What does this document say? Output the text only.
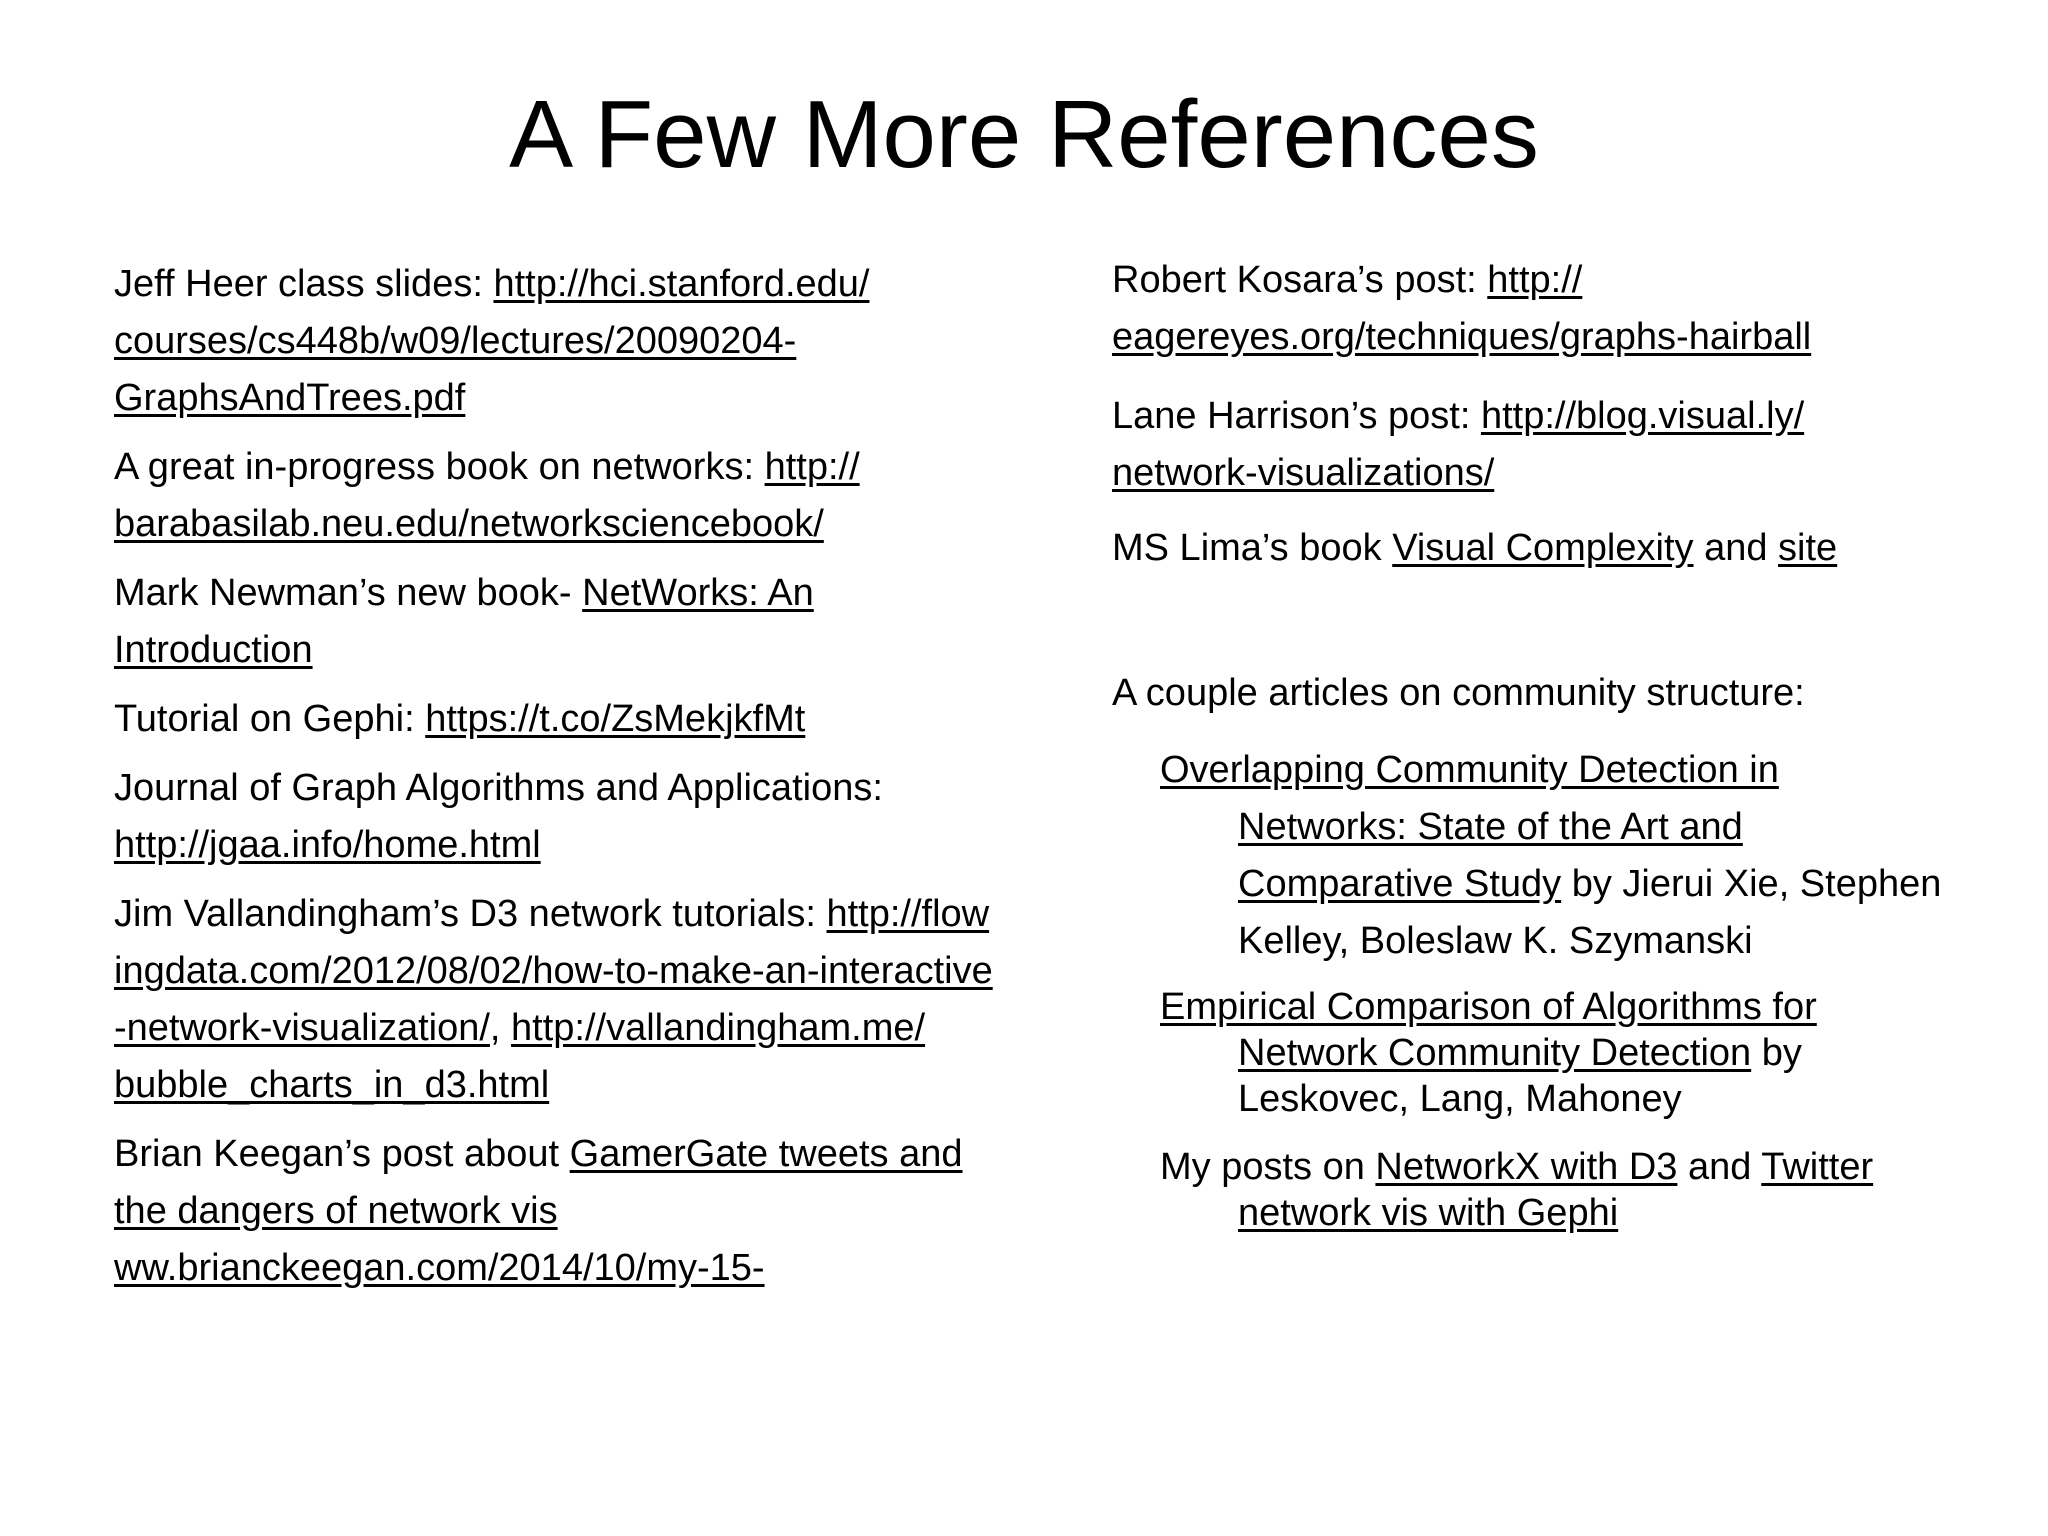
A Few More References

Jeff Heer class slides: http://hci.stanford.edu/ courses/cs448b/w09/lectures/20090204- GraphsAndTrees.pdf

A great in-progress book on networks: http:// barabasilab.neu.edu/networksciencebook/

Mark Newman’s new book- NetWorks: An Introduction

Tutorial on Gephi: https://t.co/ZsMekjkfMt

Journal of Graph Algorithms and Applications: http://jgaa.info/home.html

Jim Vallandingham’s D3 network tutorials: http://flowingdata.com/2012/08/02/how-to-make-an-interactive-network-visualization/, http://vallandingham.me/ bubble_charts_in_d3.html

Brian Keegan’s post about GamerGate tweets and the dangers of network vis ww.brianckeegan.com/2014/10/my-15-

Robert Kosara’s post: http:// eagereyes.org/techniques/graphs-hairball

Lane Harrison’s post: http://blog.visual.ly/ network-visualizations/

MS Lima’s book Visual Complexity and site

A couple articles on community structure:

Overlapping Community Detection in Networks: State of the Art and Comparative Study by Jierui Xie, Stephen Kelley, Boleslaw K. Szymanski

Empirical Comparison of Algorithms for Network Community Detection by Leskovec, Lang, Mahoney

My posts on NetworkX with D3 and Twitter network vis with Gephi
